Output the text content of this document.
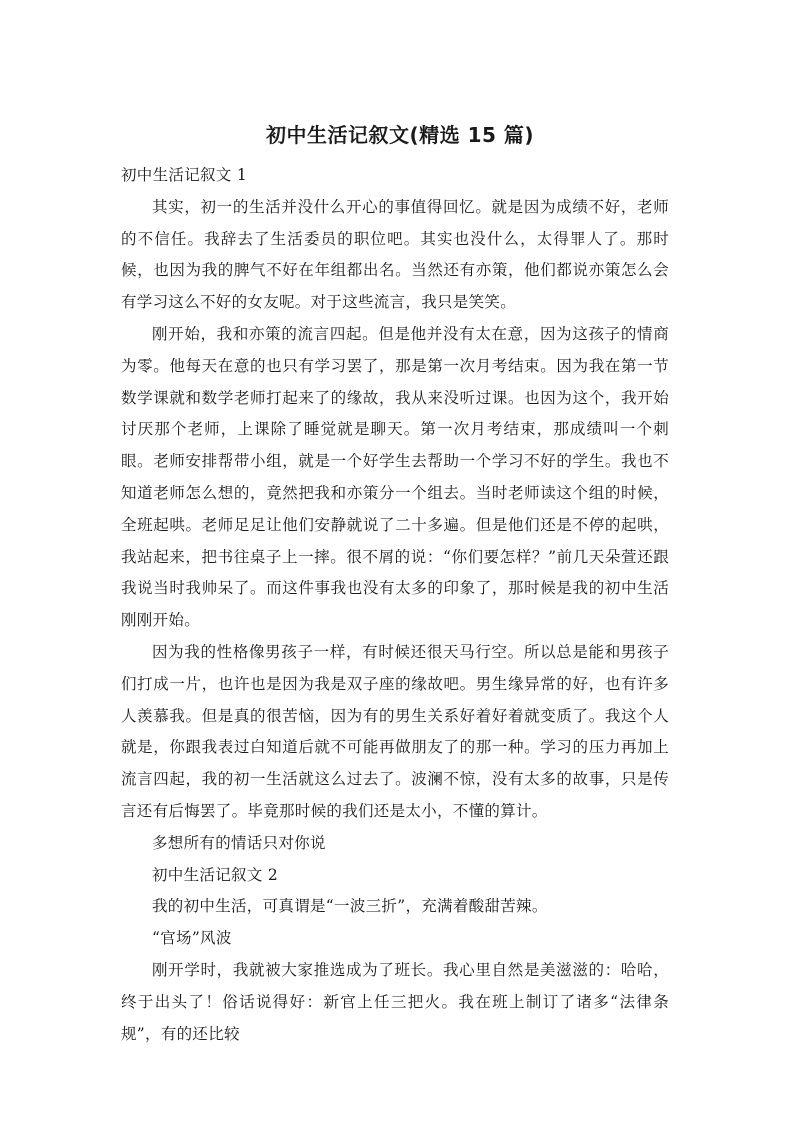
初中生活记叙文(精选 15 篇)

初中生活记叙文 1

其实，初一的生活并没什么开心的事值得回忆。就是因为成绩不好，老师的不信任。我辞去了生活委员的职位吧。其实也没什么，太得罪人了。那时候，也因为我的脾气不好在年组都出名。当然还有亦策，他们都说亦策怎么会有学习这么不好的女友呢。对于这些流言，我只是笑笑。

刚开始，我和亦策的流言四起。但是他并没有太在意，因为这孩子的情商为零。他每天在意的也只有学习罢了，那是第一次月考结束。因为我在第一节数学课就和数学老师打起来了的缘故，我从来没听过课。也因为这个，我开始讨厌那个老师，上课除了睡觉就是聊天。第一次月考结束，那成绩叫一个刺眼。老师安排帮带小组，就是一个好学生去帮助一个学习不好的学生。我也不知道老师怎么想的，竟然把我和亦策分一个组去。当时老师读这个组的时候，全班起哄。老师足足让他们安静就说了二十多遍。但是他们还是不停的起哄，我站起来，把书往桌子上一摔。很不屑的说：“你们要怎样？”前几天朵萱还跟我说当时我帅呆了。而这件事我也没有太多的印象了，那时候是我的初中生活刚刚开始。

因为我的性格像男孩子一样，有时候还很天马行空。所以总是能和男孩子们打成一片，也许也是因为我是双子座的缘故吧。男生缘异常的好，也有许多人羡慕我。但是真的很苦恼，因为有的男生关系好着好着就变质了。我这个人就是，你跟我表过白知道后就不可能再做朋友了的那一种。学习的压力再加上流言四起，我的初一生活就这么过去了。波澜不惊，没有太多的故事，只是传言还有后悔罢了。毕竟那时候的我们还是太小，不懂的算计。

多想所有的情话只对你说

初中生活记叙文 2

我的初中生活，可真谓是“一波三折”，充满着酸甜苦辣。

“官场”风波

刚开学时，我就被大家推选成为了班长。我心里自然是美滋滋的：哈哈，终于出头了！俗话说得好：新官上任三把火。我在班上制订了诸多“法律条规”，有的还比较
